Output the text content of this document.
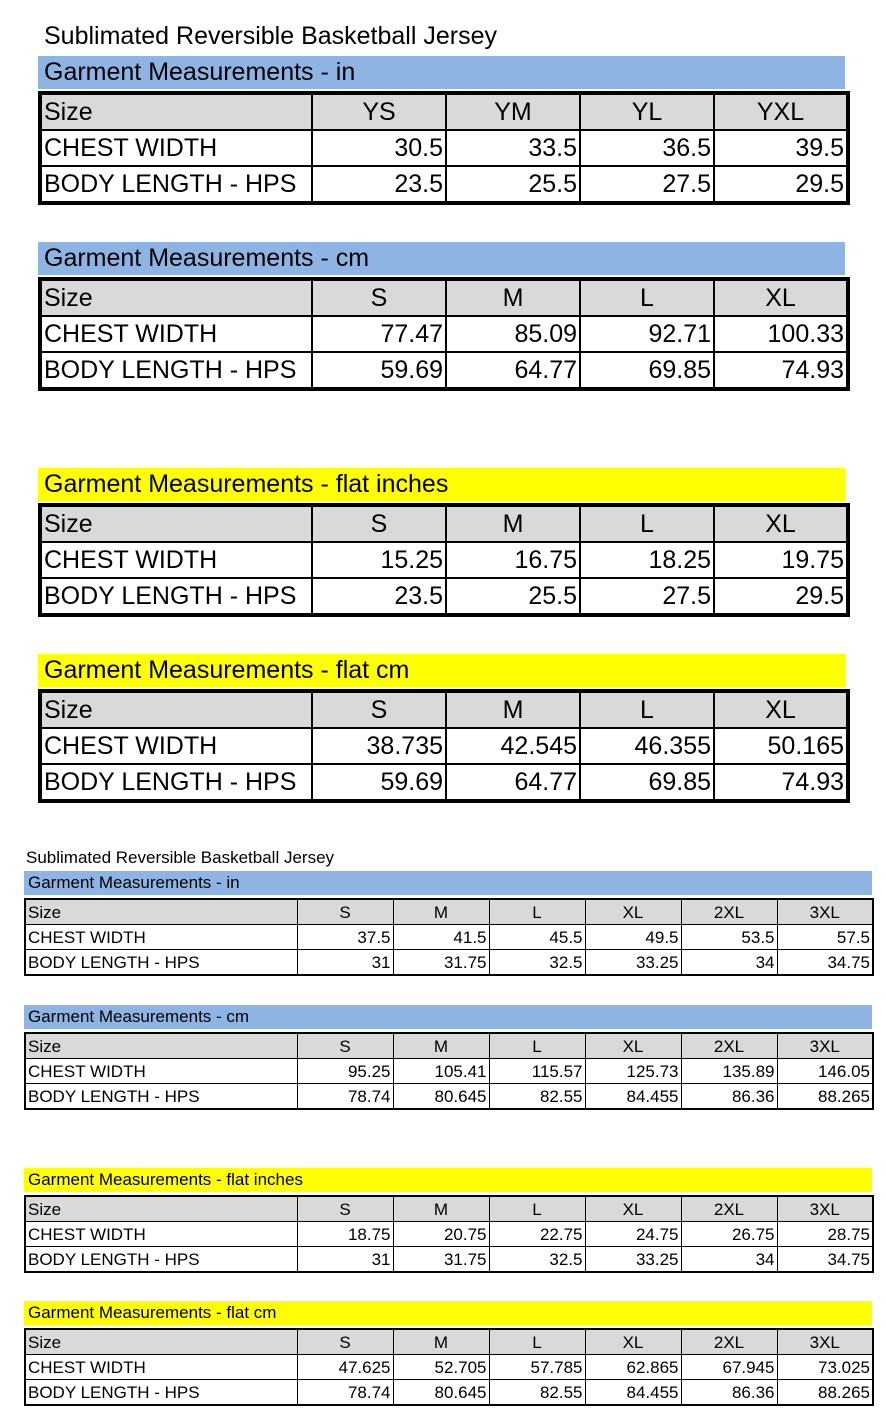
Sublimated Reversible Basketball Jersey
Garment Measurements - in
Size	YS	YM	YL	YXL
CHEST WIDTH	30.5	33.5	36.5	39.5
BODY LENGTH - HPS	23.5	25.5	27.5	29.5
Garment Measurements - cm
Size	S	M	L	XL
CHEST WIDTH	77.47	85.09	92.71	100.33
BODY LENGTH - HPS	59.69	64.77	69.85	74.93
Garment Measurements - flat inches
Size	S	M	L	XL
CHEST WIDTH	15.25	16.75	18.25	19.75
BODY LENGTH - HPS	23.5	25.5	27.5	29.5
Garment Measurements - flat cm
Size	S	M	L	XL
CHEST WIDTH	38.735	42.545	46.355	50.165
BODY LENGTH - HPS	59.69	64.77	69.85	74.93
Sublimated Reversible Basketball Jersey
Garment Measurements - in
Size	S	M	L	XL	2XL	3XL
CHEST WIDTH	37.5	41.5	45.5	49.5	53.5	57.5
BODY LENGTH - HPS	31	31.75	32.5	33.25	34	34.75
Garment Measurements - cm
Size	S	M	L	XL	2XL	3XL
CHEST WIDTH	95.25	105.41	115.57	125.73	135.89	146.05
BODY LENGTH - HPS	78.74	80.645	82.55	84.455	86.36	88.265
Garment Measurements - flat inches
Size	S	M	L	XL	2XL	3XL
CHEST WIDTH	18.75	20.75	22.75	24.75	26.75	28.75
BODY LENGTH - HPS	31	31.75	32.5	33.25	34	34.75
Garment Measurements - flat cm
Size	S	M	L	XL	2XL	3XL
CHEST WIDTH	47.625	52.705	57.785	62.865	67.945	73.025
BODY LENGTH - HPS	78.74	80.645	82.55	84.455	86.36	88.265
